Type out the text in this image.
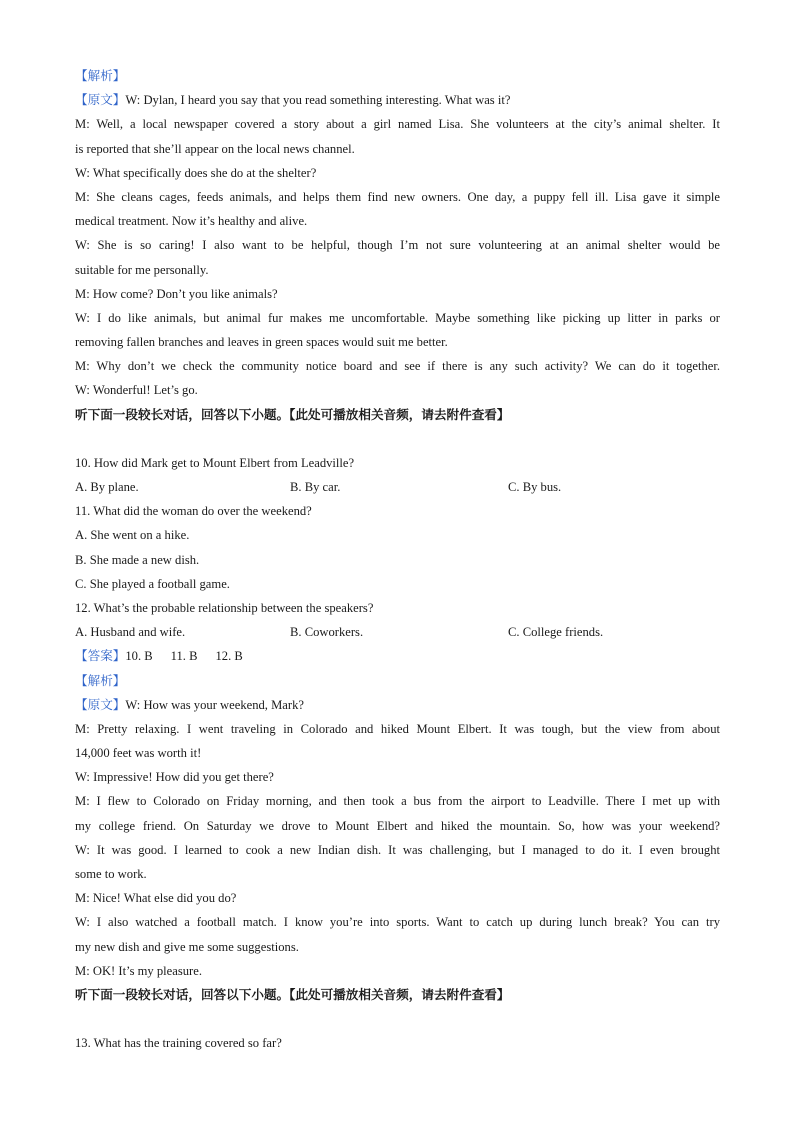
【解析】
【原文】W: Dylan, I heard you say that you read something interesting. What was it?
M: Well, a local newspaper covered a story about a girl named Lisa. She volunteers at the city’s animal shelter. It
is reported that she’ll appear on the local news channel.
W: What specifically does she do at the shelter?
M: She cleans cages, feeds animals, and helps them find new owners. One day, a puppy fell ill. Lisa gave it simple
medical treatment. Now it’s healthy and alive.
W: She is so caring! I also want to be helpful, though I’m not sure volunteering at an animal shelter would be
suitable for me personally.
M: How come? Don’t you like animals?
W: I do like animals, but animal fur makes me uncomfortable. Maybe something like picking up litter in parks or
removing fallen branches and leaves in green spaces would suit me better.
M: Why don’t we check the community notice board and see if there is any such activity? We can do it together.
W: Wonderful! Let’s go.
听下面一段较长对话，回答以下小题。【此处可播放相关音频，请去附件查看】
10. How did Mark get to Mount Elbert from Leadville?
A. By plane.	B. By car.	C. By bus.
11. What did the woman do over the weekend?
A. She went on a hike.
B. She made a new dish.
C. She played a football game.
12. What’s the probable relationship between the speakers?
A. Husband and wife.	B. Coworkers.	C. College friends.
【答案】10. B 11. B 12. B
【解析】
【原文】W: How was your weekend, Mark?
M: Pretty relaxing. I went traveling in Colorado and hiked Mount Elbert. It was tough, but the view from about
14,000 feet was worth it!
W: Impressive! How did you get there?
M: I flew to Colorado on Friday morning, and then took a bus from the airport to Leadville. There I met up with
my college friend. On Saturday we drove to Mount Elbert and hiked the mountain. So, how was your weekend?
W: It was good. I learned to cook a new Indian dish. It was challenging, but I managed to do it. I even brought
some to work.
M: Nice! What else did you do?
W: I also watched a football match. I know you’re into sports. Want to catch up during lunch break? You can try
my new dish and give me some suggestions.
M: OK! It’s my pleasure.
听下面一段较长对话，回答以下小题。【此处可播放相关音频，请去附件查看】
13. What has the training covered so far?
